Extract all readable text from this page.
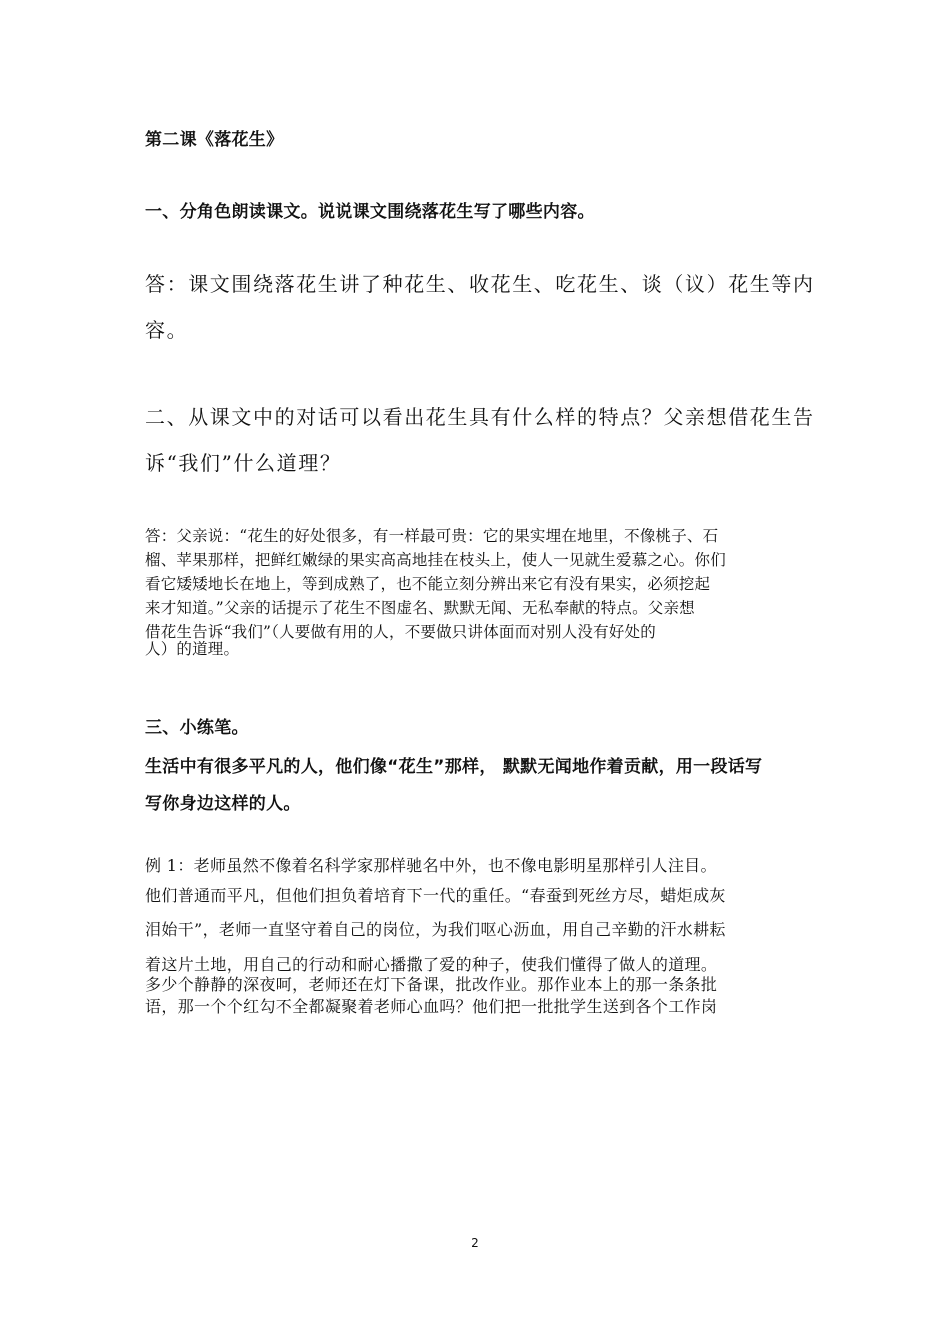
第二课《落花生》

一、分角色朗读课文。说说课文围绕落花生写了哪些内容。

答：课文围绕落花生讲了种花生、收花生、吃花生、谈（议）花生等内

容。

二、从课文中的对话可以看出花生具有什么样的特点？父亲想借花生告

诉“我们”什么道理？

答：父亲说：“花生的好处很多，有一样最可贵：它的果实埋在地里，不像桃子、石

榴、苹果那样，把鲜红嫩绿的果实高高地挂在枝头上，使人一见就生爱慕之心。你们

看它矮矮地长在地上，等到成熟了，也不能立刻分辨出来它有没有果实，必须挖起

来才知道。”父亲的话提示了花生不图虚名、默默无闻、无私奉献的特点。父亲想

借花生告诉“我们”（人要做有用的人，不要做只讲体面而对别人没有好处的

人）的道理。

三、小练笔。

生活中有很多平凡的人，他们像“花生”那样， 默默无闻地作着贡献，用一段话写

写你身边这样的人。

例 1：老师虽然不像着名科学家那样驰名中外，也不像电影明星那样引人注目。

他们普通而平凡，但他们担负着培育下一代的重任。“春蚕到死丝方尽，蜡炬成灰

泪始干”，老师一直坚守着自己的岗位，为我们呕心沥血，用自己辛勤的汗水耕耘

着这片土地，用自己的行动和耐心播撒了爱的种子，使我们懂得了做人的道理。

多少个静静的深夜呵，老师还在灯下备课，批改作业。那作业本上的那一条条批

语，那一个个红勾不全都凝聚着老师心血吗？他们把一批批学生送到各个工作岗

2
